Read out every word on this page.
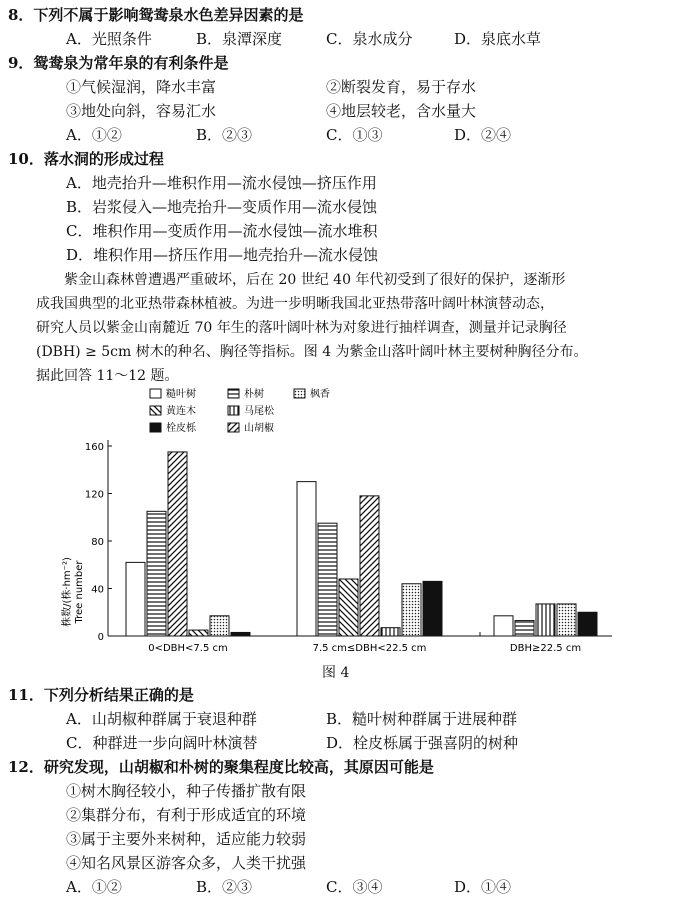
8．下列不属于影响鸳鸯泉水色差异因素的是
A．光照条件	B．泉潭深度	C．泉水成分	D．泉底水草
9．鸳鸯泉为常年泉的有利条件是
①气候湿润，降水丰富	②断裂发育，易于存水
③地处向斜，容易汇水	④地层较老，含水量大
A．①②	B．②③	C．①③	D．②④
10．落水洞的形成过程
A．地壳抬升—堆积作用—流水侵蚀—挤压作用
B．岩浆侵入—地壳抬升—变质作用—流水侵蚀
C．堆积作用—变质作用—流水侵蚀—流水堆积
D．堆积作用—挤压作用—地壳抬升—流水侵蚀

　　紫金山森林曾遭遇严重破坏，后在 20 世纪 40 年代初受到了很好的保护，逐渐形

成我国典型的北亚热带森林植被。为进一步明晰我国北亚热带落叶阔叶林演替动态，

研究人员以紫金山南麓近 70 年生的落叶阔叶林为对象进行抽样调查，测量并记录胸径

(DBH) ≥ 5cm 树木的种名、胸径等指标。图 4 为紫金山落叶阔叶林主要树种胸径分布。

据此回答 11～12 题。

糙叶树	朴树	枫香
黄连木	马尾松
栓皮栎	山胡椒
株数/(株·hm⁻²) Tree number
0
40
80
120
160
0<DBH<7.5 cm	7.5 cm≤DBH<22.5 cm	DBH≥22.5 cm
图 4
11．下列分析结果正确的是
A．山胡椒种群属于衰退种群	B．糙叶树种群属于进展种群
C．种群进一步向阔叶林演替	D．栓皮栎属于强喜阴的树种
12．研究发现，山胡椒和朴树的聚集程度比较高，其原因可能是
①树木胸径较小，种子传播扩散有限
②集群分布，有利于形成适宜的环境
③属于主要外来树种，适应能力较弱
④知名风景区游客众多，人类干扰强
A．①②	B．②③	C．③④	D．①④
